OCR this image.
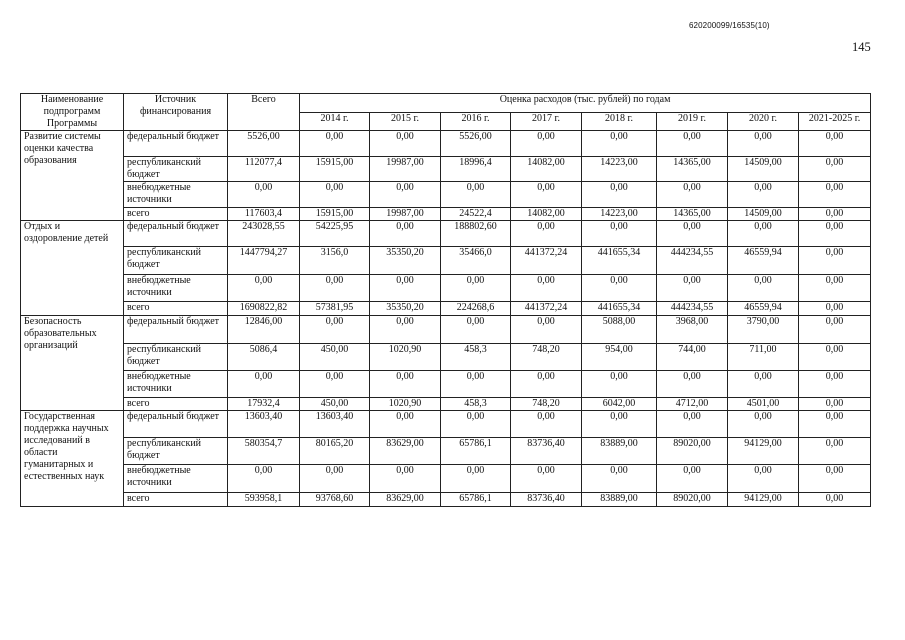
620200099/16535(10)
145
Наименование подпрограмм Программы	Источник финансирования	Всего	Оценка расходов (тыс. рублей) по годам							
			2014 г.	2015 г.	2016 г.	2017 г.	2018 г.	2019 г.	2020 г.	2021-2025 г.
Развитие системы оценки качества образования	федеральный бюджет	5526,00	0,00	0,00	5526,00	0,00	0,00	0,00	0,00	0,00
	республиканский бюджет	112077,4	15915,00	19987,00	18996,4	14082,00	14223,00	14365,00	14509,00	0,00
	внебюджетные источники	0,00	0,00	0,00	0,00	0,00	0,00	0,00	0,00	0,00
	всего	117603,4	15915,00	19987,00	24522,4	14082,00	14223,00	14365,00	14509,00	0,00
Отдых и оздоровление детей	федеральный бюджет	243028,55	54225,95	0,00	188802,60	0,00	0,00	0,00	0,00	0,00
	республиканский бюджет	1447794,27	3156,0	35350,20	35466,0	441372,24	441655,34	444234,55	46559,94	0,00
	внебюджетные источники	0,00	0,00	0,00	0,00	0,00	0,00	0,00	0,00	0,00
	всего	1690822,82	57381,95	35350,20	224268,6	441372,24	441655,34	444234,55	46559,94	0,00
Безопасность образовательных организаций	федеральный бюджет	12846,00	0,00	0,00	0,00	0,00	5088,00	3968,00	3790,00	0,00
	республиканский бюджет	5086,4	450,00	1020,90	458,3	748,20	954,00	744,00	711,00	0,00
	внебюджетные источники	0,00	0,00	0,00	0,00	0,00	0,00	0,00	0,00	0,00
	всего	17932,4	450,00	1020,90	458,3	748,20	6042,00	4712,00	4501,00	0,00
Государственная поддержка научных исследований в области гуманитарных и естественных наук	федеральный бюджет	13603,40	13603,40	0,00	0,00	0,00	0,00	0,00	0,00	0,00
	республиканский бюджет	580354,7	80165,20	83629,00	65786,1	83736,40	83889,00	89020,00	94129,00	0,00
	внебюджетные источники	0,00	0,00	0,00	0,00	0,00	0,00	0,00	0,00	0,00
	всего	593958,1	93768,60	83629,00	65786,1	83736,40	83889,00	89020,00	94129,00	0,00
